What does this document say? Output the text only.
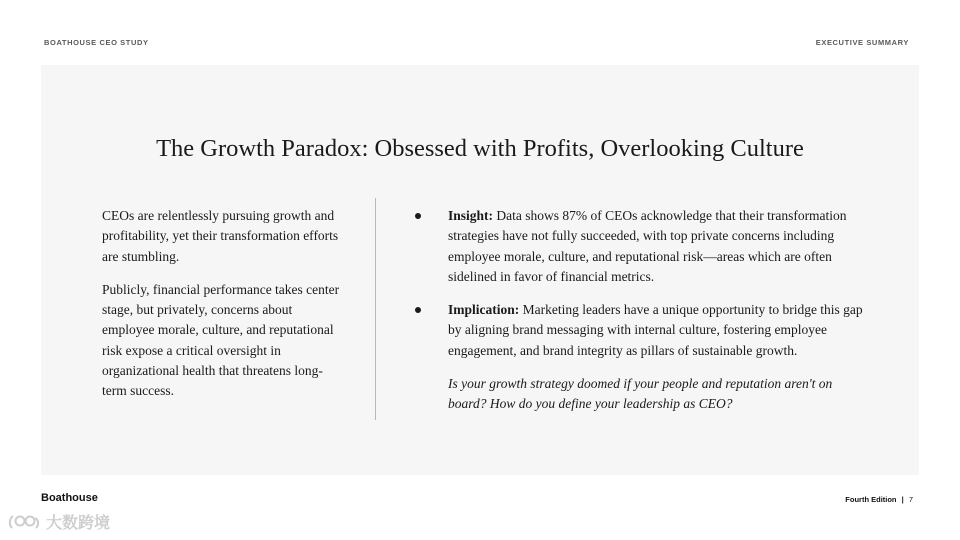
BOATHOUSE CEO STUDY	EXECUTIVE SUMMARY
The Growth Paradox: Obsessed with Profits, Overlooking Culture

CEOs are relentlessly pursuing growth and profitability, yet their transformation efforts are stumbling.

Publicly, financial performance takes center stage, but privately, concerns about employee morale, culture, and reputational risk expose a critical oversight in organizational health that threatens long-term success.

Insight: Data shows 87% of CEOs acknowledge that their transformation strategies have not fully succeeded, with top private concerns including employee morale, culture, and reputational risk—areas which are often sidelined in favor of financial metrics.
Implication: Marketing leaders have a unique opportunity to bridge this gap by aligning brand messaging with internal culture, fostering employee engagement, and brand integrity as pillars of sustainable growth.
Is your growth strategy doomed if your people and reputation aren't on board? How do you define your leadership as CEO?
Boathouse	Fourth Edition | 7
大数跨境
